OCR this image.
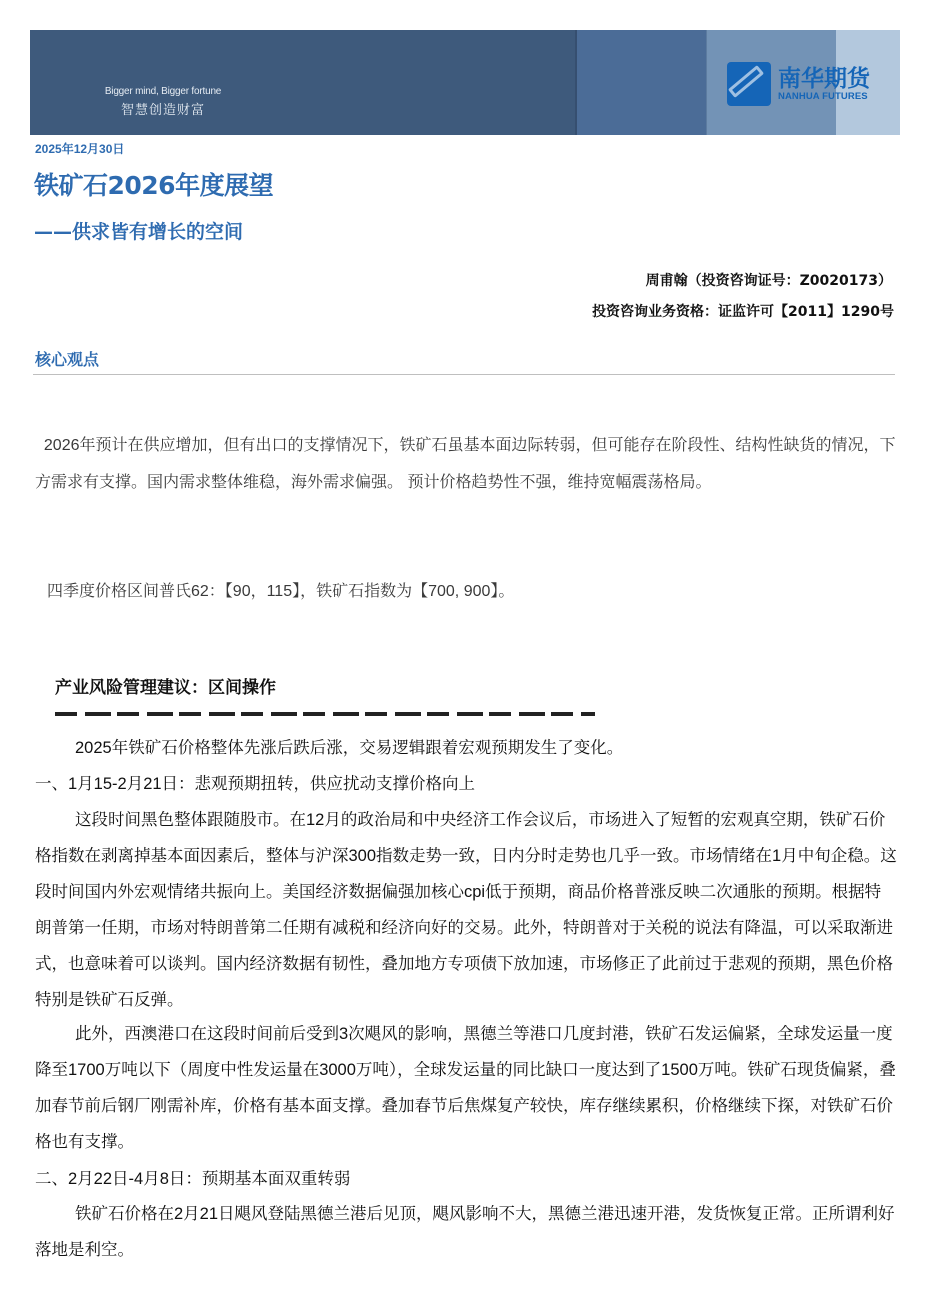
Bigger mind, Bigger fortune
智慧创造财富
南华期货
NANHUA FUTURES
2025年12月30日
铁矿石2026年度展望
——供求皆有增长的空间
周甫翰（投资咨询证号：Z0020173）
投资咨询业务资格：证监许可【2011】1290号
核心观点
2026年预计在供应增加，但有出口的支撑情况下，铁矿石虽基本面边际转弱，但可能存在阶段性、结构性缺货的情况，下方需求有支撑。国内需求整体维稳，海外需求偏强。 预计价格趋势性不强，维持宽幅震荡格局。
四季度价格区间普氏62：【90，115】，铁矿石指数为【700, 900】。
产业风险管理建议：区间操作
2025年铁矿石价格整体先涨后跌后涨，交易逻辑跟着宏观预期发生了变化。
一、1月15-2月21日：悲观预期扭转，供应扰动支撑价格向上
这段时间黑色整体跟随股市。在12月的政治局和中央经济工作会议后，市场进入了短暂的宏观真空期，铁矿石价格指数在剥离掉基本面因素后，整体与沪深300指数走势一致，日内分时走势也几乎一致。市场情绪在1月中旬企稳。这段时间国内外宏观情绪共振向上。美国经济数据偏强加核心cpi低于预期，商品价格普涨反映二次通胀的预期。根据特朗普第一任期，市场对特朗普第二任期有减税和经济向好的交易。此外，特朗普对于关税的说法有降温，可以采取渐进式，也意味着可以谈判。国内经济数据有韧性，叠加地方专项债下放加速，市场修正了此前过于悲观的预期，黑色价格特别是铁矿石反弹。
此外，西澳港口在这段时间前后受到3次飓风的影响，黑德兰等港口几度封港，铁矿石发运偏紧，全球发运量一度降至1700万吨以下（周度中性发运量在3000万吨），全球发运量的同比缺口一度达到了1500万吨。铁矿石现货偏紧，叠加春节前后钢厂刚需补库，价格有基本面支撑。叠加春节后焦煤复产较快，库存继续累积，价格继续下探，对铁矿石价格也有支撑。
二、2月22日-4月8日：预期基本面双重转弱
铁矿石价格在2月21日飓风登陆黑德兰港后见顶，飓风影响不大，黑德兰港迅速开港，发货恢复正常。正所谓利好落地是利空。
